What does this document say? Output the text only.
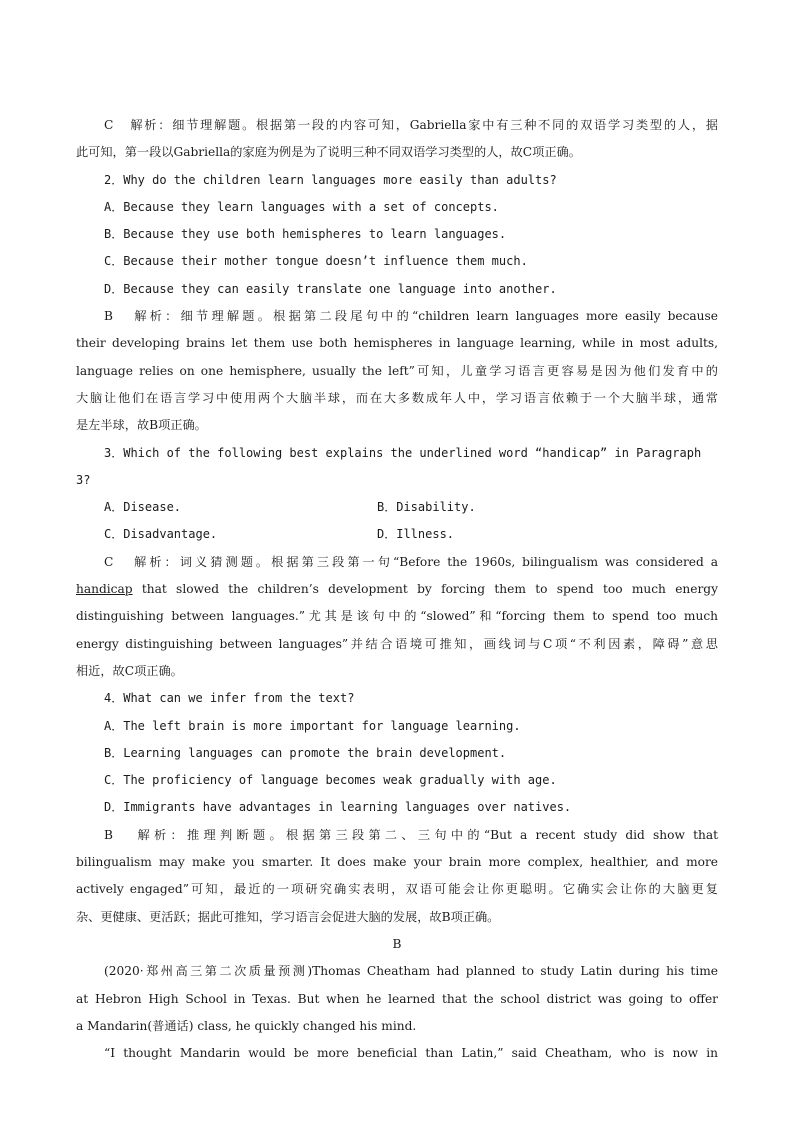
C 解析：细节理解题。根据第一段的内容可知，Gabriella家中有三种不同的双语学习类型的人，据

此可知，第一段以Gabriella的家庭为例是为了说明三种不同双语学习类型的人，故C项正确。

2．Why do the children learn languages more easily than adults?

A．Because they learn languages with a set of concepts.

B．Because they use both hemispheres to learn languages.

C．Because their mother tongue doesn’t influence them much.

D．Because they can easily translate one language into another.

B 解析：细节理解题。根据第二段尾句中的“children learn languages more easily because

their developing brains let them use both hemispheres in language learning, while in most adults,

language relies on one hemisphere, usually the left”可知，儿童学习语言更容易是因为他们发育中的

大脑让他们在语言学习中使用两个大脑半球，而在大多数成年人中，学习语言依赖于一个大脑半球，通常

是左半球，故B项正确。

3．Which of the following best explains the underlined word “handicap” in Paragraph 3?

A．Disease.	B．Disability.
C．Disadvantage.	D．Illness.

C 解析：词义猜测题。根据第三段第一句“Before the 1960s, bilingualism was considered a

handicap that slowed the children’s development by forcing them to spend too much energy

distinguishing between languages.”尤其是该句中的“slowed”和“forcing them to spend too much

energy distinguishing between languages”并结合语境可推知，画线词与C项“不利因素，障碍”意思

相近，故C项正确。

4．What can we infer from the text?

A．The left brain is more important for language learning.

B．Learning languages can promote the brain development.

C．The proficiency of language becomes weak gradually with age.

D．Immigrants have advantages in learning languages over natives.

B 解析：推理判断题。根据第三段第二、三句中的“But a recent study did show that

bilingualism may make you smarter. It does make your brain more complex, healthier, and more

actively engaged”可知，最近的一项研究确实表明，双语可能会让你更聪明。它确实会让你的大脑更复

杂、更健康、更活跃；据此可推知，学习语言会促进大脑的发展，故B项正确。

B

(2020·郑州高三第二次质量预测)Thomas Cheatham had planned to study Latin during his time

at Hebron High School in Texas. But when he learned that the school district was going to offer

a Mandarin(普通话) class, he quickly changed his mind.

“I thought Mandarin would be more beneficial than Latin,” said Cheatham, who is now in
